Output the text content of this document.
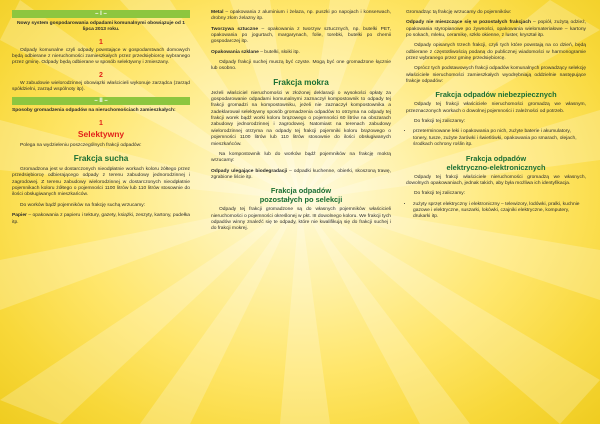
– I –

Nowy system gospodarowania odpadami komunalnymi obowiązuje od 1 lipca 2013 roku.

1

Odpady komunalne czyli odpady powstające w gospodarstwach domowych będą odbierane z nieruchomości zamieszkałych przez przedsiębiorcę wybranego przez gminę. Odpady będą odbierane w sposób selektywny i zmieszany.

2

W zabudowie wielorodzinnej obowiązki właścicieli wykonuje zarządca (zarząd spółdzielni, zarząd wspólnoty itp).

– II –

Sposoby gromadzenia odpadów na nieruchomościach zamieszkałych:

1
Selektywny

Polega na wydzieleniu poszczególnych frakcji odpadów:

Frakcja sucha

Gromadzona jest w dostarczonych nieodpłatnie workach koloru żółtego przez przedsiębiorcę odbierającego odpady z terenu zabudowy jednorodzinnej i zagrodowej. Z terenu zabudowy wielorodzinnej w dostarczonych nieodpłatnie pojemnikach koloru żółtego o pojemności 1100 litrów lub 110 litrów stosownie do ilości obsługiwanych mieszkańców.

Do worków bądź pojemników na frakcję suchą wrzucamy:

Papier – opakowania z papieru i tektury, gazety, książki, zeszyty, kartony, pudełka itp.

Metal – opakowania z aluminium i żelaza, np. puszki po napojach i konserwach, drobny złom żelazny itp.

Tworzywa sztuczne – opakowania z tworzyw sztucznych, np. butelki PET, opakowania po jogurtach, margarynach, folie, torebki, butelki po chemii gospodarczej itp.

Opakowania szklane – butelki, słoiki itp.

Odpady frakcji suchej muszą być czyste. Mogą być one gromadzone łącznie lub osobno.

Frakcja mokra

Jeżeli właściciel nieruchomości w złożonej deklaracji o wysokości opłaty za gospodarowanie odpadami komunalnymi zaznaczył kompostownik to odpady tej frakcji gromadzi na kompostowniku, jeżeli nie zaznaczył kompostownika a zadeklarował selektywny sposób gromadzenia odpadów to otrzyma na odpady tej frakcji worek bądź worki koloru brązowego o pojemności 60 litrów na obszarach zabudowy jednorodzinnej i zagrodowej. Natomiast na terenach zabudowy wielorodzinnej otrzyma na odpady tej frakcji pojemniki koloru brązowego o pojemności 1100 litrów lub 110 litrów stosownie do ilości obsługiwanych mieszkańców.

Na kompostownik lub do worków bądź pojemników na frakcję mokrą wrzucamy:

Odpady ulegające biodegradacji – odpadki kuchenne, obierki, skoszoną trawę, zgrabione liście itp.

Frakcja odpadów
pozostałych po selekcji

Odpady tej frakcji gromadzone są do własnych pojemników właścicieli nieruchomości o pojemności określonej w pkt. III dowolnego koloru. We frakcji tych odpadów winny znaleźć się te odpady, które nie kwalifikują się do frakcji suchej i do frakcji mokrej.

Gromadząc tą frakcję wrzucamy do pojemników:

Odpady nie mieszczące się w pozostałych frakcjach – popiół, zużytą odzież, opakowania styropianowe po żywności, opakowania wielomateriałowe – kartony po sokach, mleku, ceramikę, szkło okienne, z luster, kryształ itp.

Odpady opisanych trzech frakcji, czyli tych które powstają na co dzień, będą odbierane z częstotliwością podaną do publicznej wiadomości w harmonogramie przez wybranego przez gminę przedsiębiorcę.

Oprócz tych podstawowych frakcji odpadów komunalnych prowadzący selekcję właściciele nieruchomości zamieszkałych wyodrębniają oddzielnie następujące frakcje odpadów:

Frakcja odpadów niebezpiecznych

Odpady tej frakcji właściciele nieruchomości gromadzą we własnym, przeznaczonych workach o dowolnej pojemności i zależności od potrzeb.

Do frakcji tej zaliczamy:

• przeterminowane leki i opakowania po nich, zużyte baterie i akumulatory, tonery, tusze, zużyte żarówki i świetlówki, opakowania po smarach, olejach, środkach ochrony roślin itp.
Frakcja odpadów
elektryczno-elektronicznych

Odpady tej frakcji właściciele nieruchomości gromadzą we własnych, dowolnych opakowaniach, jednak takich, aby była możliwa ich identyfikacja.

Do frakcji tej zaliczamy:

• zużyty sprzęt elektryczny i elektroniczny – telewizory, lodówki, pralki, kuchnie gazowe i elektryczne, suszarki, lokówki, czajniki elektryczne, komputery, drukarki itp.
